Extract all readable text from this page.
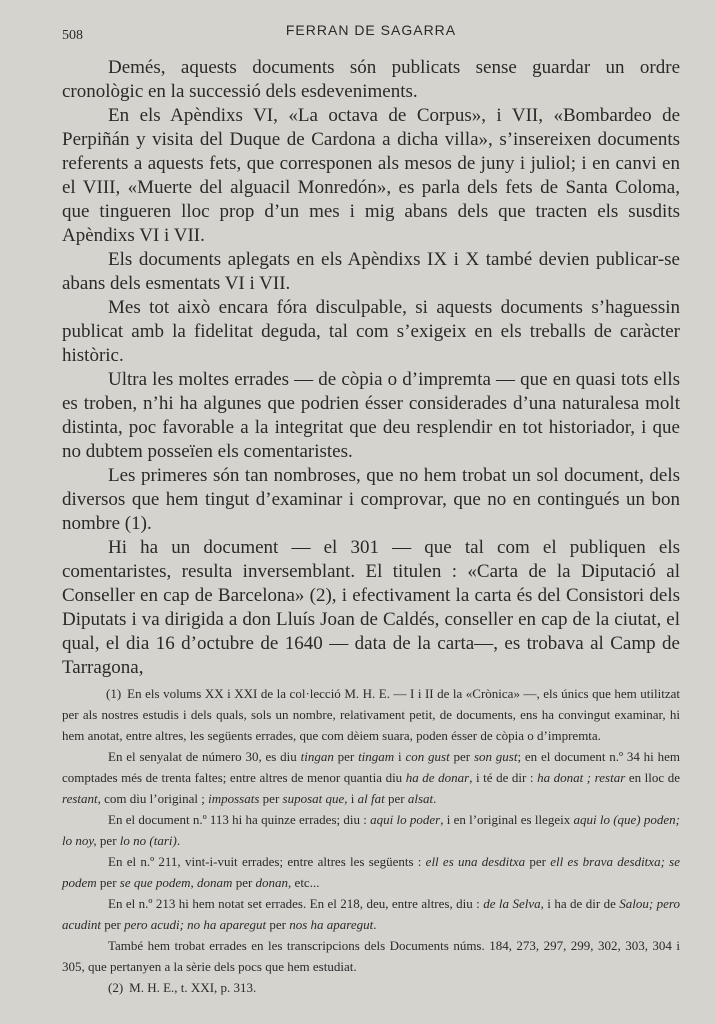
508	FERRAN DE SAGARRA

Demés, aquests documents són publicats sense guardar un ordre cronològic en la successió dels esdeveniments.

En els Apèndixs VI, «La octava de Corpus», i VII, «Bombardeo de Perpiñán y visita del Duque de Cardona a dicha villa», s’insereixen documents referents a aquests fets, que corresponen als mesos de juny i juliol; i en canvi en el VIII, «Muerte del alguacil Monredón», es parla dels fets de Santa Coloma, que tingueren lloc prop d’un mes i mig abans dels que tracten els susdits Apèndixs VI i VII.

Els documents aplegats en els Apèndixs IX i X també devien publicar-se abans dels esmentats VI i VII.

Mes tot això encara fóra disculpable, si aquests documents s’haguessin publicat amb la fidelitat deguda, tal com s’exigeix en els treballs de caràcter històric.

Ultra les moltes errades — de còpia o d’impremta — que en quasi tots ells es troben, n’hi ha algunes que podrien ésser considerades d’una naturalesa molt distinta, poc favorable a la integritat que deu resplendir en tot historiador, i que no dubtem posseïen els comentaristes.

Les primeres són tan nombroses, que no hem trobat un sol document, dels diversos que hem tingut d’examinar i comprovar, que no en contingués un bon nombre (1).

Hi ha un document — el 301 — que tal com el publiquen els comentaristes, resulta inversemblant. El titulen : «Carta de la Diputació al Conseller en cap de Barcelona» (2), i efectivament la carta és del Consistori dels Diputats i va dirigida a don Lluís Joan de Caldés, conseller en cap de la ciutat, el qual, el dia 16 d’octubre de 1640 — data de la carta—, es trobava al Camp de Tarragona,

(1) En els volums XX i XXI de la col·lecció M. H. E. — I i II de la «Crònica» —, els únics que hem utilitzat per als nostres estudis i dels quals, sols un nombre, relativament petit, de documents, ens ha convingut examinar, hi hem anotat, entre altres, les següents errades, que com dèiem suara, poden ésser de còpia o d’impremta.

En el senyalat de número 30, es diu tingan per tingam i con gust per son gust; en el document n.º 34 hi hem comptades més de trenta faltes; entre altres de menor quantia diu ha de donar, i té de dir : ha donat ; restar en lloc de restant, com diu l’original ; impossats per suposat que, i al fat per alsat.

En el document n.º 113 hi ha quinze errades; diu : aqui lo poder, i en l’original es llegeix aqui lo (que) poden; lo noy, per lo no (tari).

En el n.º 211, vint-i-vuit errades; entre altres les següents : ell es una desditxa per ell es brava desditxa; se podem per se que podem, donam per donan, etc...

En el n.º 213 hi hem notat set errades. En el 218, deu, entre altres, diu : de la Selva, i ha de dir de Salou; pero acudint per pero acudi; no ha aparegut per nos ha aparegut.

També hem trobat errades en les transcripcions dels Documents núms. 184, 273, 297, 299, 302, 303, 304 i 305, que pertanyen a la sèrie dels pocs que hem estudiat.

(2) M. H. E., t. XXI, p. 313.
